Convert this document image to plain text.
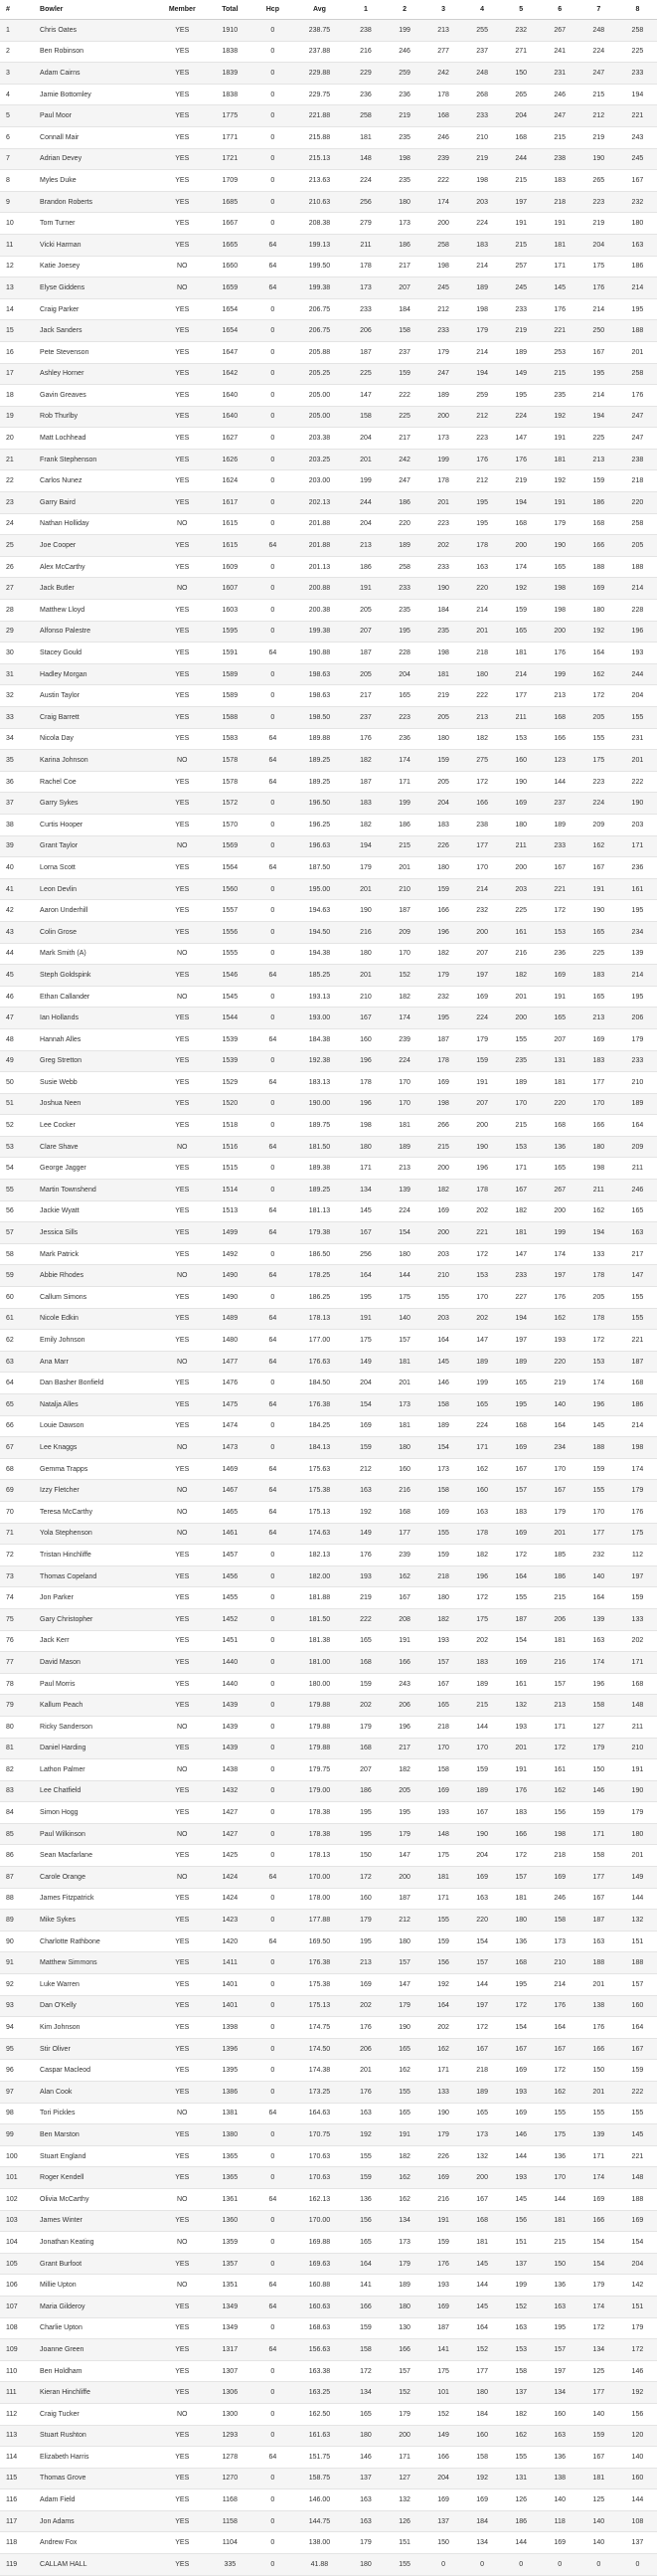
#	Bowler	Member	Total	Hcp	Avg	1	2	3	4	5	6	7	8
1	Chris Oates	YES	1910	0	238.75	238	199	213	255	232	267	248	258
2	Ben Robinson	YES	1838	0	237.88	216	246	277	237	271	241	224	225
3	Adam Cairns	YES	1839	0	229.88	229	259	242	248	150	231	247	233
4	Jamie Bottomley	YES	1838	0	229.75	236	236	178	268	265	246	215	194
5	Paul Moor	YES	1775	0	221.88	258	219	168	233	204	247	212	221
6	Connall Mair	YES	1771	0	215.88	181	235	246	210	168	215	219	243
7	Adrian Devey	YES	1721	0	215.13	148	198	239	219	244	238	190	245
8	Myles Duke	YES	1709	0	213.63	224	235	222	198	215	183	265	167
9	Brandon Roberts	YES	1685	0	210.63	256	180	174	203	197	218	223	232
10	Tom Turner	YES	1667	0	208.38	279	173	200	224	191	191	219	180
11	Vicki Harman	YES	1665	64	199.13	211	186	258	183	215	181	204	163
12	Katie Joesey	NO	1660	64	199.50	178	217	198	214	257	171	175	186
13	Elyse Giddens	NO	1659	64	199.38	173	207	245	189	245	145	176	214
14	Craig Parker	YES	1654	0	206.75	233	184	212	198	233	176	214	195
15	Jack Sanders	YES	1654	0	206.75	206	158	233	179	219	221	250	188
16	Pete Stevenson	YES	1647	0	205.88	187	237	179	214	189	253	167	201
17	Ashley Horner	YES	1642	0	205.25	225	159	247	194	149	215	195	258
18	Gavin Greaves	YES	1640	0	205.00	147	222	189	259	195	235	214	176
19	Rob Thurlby	YES	1640	0	205.00	158	225	200	212	224	192	194	247
20	Matt Lochhead	YES	1627	0	203.38	204	217	173	223	147	191	225	247
21	Frank Stephenson	YES	1626	0	203.25	201	242	199	176	176	181	213	238
22	Carlos Nunez	YES	1624	0	203.00	199	247	178	212	219	192	159	218
23	Garry Baird	YES	1617	0	202.13	244	186	201	195	194	191	186	220
24	Nathan Holliday	NO	1615	0	201.88	204	220	223	195	168	179	168	258
25	Joe Cooper	YES	1615	64	201.88	213	189	202	178	200	190	166	205
26	Alex McCarthy	YES	1609	0	201.13	186	258	233	163	174	165	188	188
27	Jack Butler	NO	1607	0	200.88	191	233	190	220	192	198	169	214
28	Matthew Lloyd	YES	1603	0	200.38	205	235	184	214	159	198	180	228
29	Alfonso Palestre	YES	1595	0	199.38	207	195	235	201	165	200	192	196
30	Stacey Gould	YES	1591	64	190.88	187	228	198	218	181	176	164	193
31	Hadley Morgan	YES	1589	0	198.63	205	204	181	180	214	199	162	244
32	Austin Taylor	YES	1589	0	198.63	217	165	219	222	177	213	172	204
33	Craig Barrett	YES	1588	0	198.50	237	223	205	213	211	168	205	155
34	Nicola Day	YES	1583	64	189.88	176	236	180	182	153	166	155	231
35	Karina Johnson	NO	1578	64	189.25	182	174	159	275	160	123	175	201
36	Rachel Coe	YES	1578	64	189.25	187	171	205	172	190	144	223	222
37	Garry Sykes	YES	1572	0	196.50	183	199	204	166	169	237	224	190
38	Curtis Hooper	YES	1570	0	196.25	182	186	183	238	180	189	209	203
39	Grant Taylor	NO	1569	0	196.63	194	215	226	177	211	233	162	171
40	Lorna Scott	YES	1564	64	187.50	179	201	180	170	200	167	167	236
41	Leon Devlin	YES	1560	0	195.00	201	210	159	214	203	221	191	161
42	Aaron Underhill	YES	1557	0	194.63	190	187	166	232	225	172	190	195
43	Colin Grose	YES	1556	0	194.50	216	209	196	200	161	153	165	234
44	Mark Smith (A)	NO	1555	0	194.38	180	170	182	207	216	236	225	139
45	Steph Goldspink	YES	1546	64	185.25	201	152	179	197	182	169	183	214
46	Ethan Callander	NO	1545	0	193.13	210	182	232	169	201	191	165	195
47	Ian Hollands	YES	1544	0	193.00	167	174	195	224	200	165	213	206
48	Hannah Alles	YES	1539	64	184.38	160	239	187	179	155	207	169	179
49	Greg Stretton	YES	1539	0	192.38	196	224	178	159	235	131	183	233
50	Susie Webb	YES	1529	64	183.13	178	170	169	191	189	181	177	210
51	Joshua Neen	YES	1520	0	190.00	196	170	198	207	170	220	170	189
52	Lee Cocker	YES	1518	0	189.75	198	181	266	200	215	168	166	164
53	Clare Shave	NO	1516	64	181.50	180	189	215	190	153	136	180	209
54	George Jagger	YES	1515	0	189.38	171	213	200	196	171	165	198	211
55	Martin Townshend	YES	1514	0	189.25	134	139	182	178	167	267	211	246
56	Jackie Wyatt	YES	1513	64	181.13	145	224	169	202	182	200	162	165
57	Jessica Sills	YES	1499	64	179.38	167	154	200	221	181	199	194	163
58	Mark Patrick	YES	1492	0	186.50	256	180	203	172	147	174	133	217
59	Abbie Rhodes	NO	1490	64	178.25	164	144	210	153	233	197	178	147
60	Callum Simons	YES	1490	0	186.25	195	175	155	170	227	176	205	155
61	Nicole Edkin	YES	1489	64	178.13	191	140	203	202	194	162	178	155
62	Emily Johnson	YES	1480	64	177.00	175	157	164	147	197	193	172	221
63	Ana Marr	NO	1477	64	176.63	149	181	145	189	189	220	153	187
64	Dan Basher Bonfield	YES	1476	0	184.50	204	201	146	199	165	219	174	168
65	Natalja Alles	YES	1475	64	176.38	154	173	158	165	195	140	196	186
66	Louie Dawson	YES	1474	0	184.25	169	181	189	224	168	164	145	214
67	Lee Knaggs	NO	1473	0	184.13	159	180	154	171	169	234	188	198
68	Gemma Trapps	YES	1469	64	175.63	212	160	173	162	167	170	159	174
69	Izzy Fletcher	NO	1467	64	175.38	163	216	158	160	157	167	155	179
70	Teresa McCarthy	NO	1465	64	175.13	192	168	169	163	183	179	170	176
71	Yola Stephenson	NO	1461	64	174.63	149	177	155	178	169	201	177	175
72	Tristan Hinchliffe	YES	1457	0	182.13	176	239	159	182	172	185	232	112
73	Thomas Copeland	YES	1456	0	182.00	193	162	218	196	164	186	140	197
74	Jon Parker	YES	1455	0	181.88	219	167	180	172	155	215	164	159
75	Gary Christopher	YES	1452	0	181.50	222	208	182	175	187	206	139	133
76	Jack Kerr	YES	1451	0	181.38	165	191	193	202	154	181	163	202
77	David Mason	YES	1440	0	181.00	168	166	157	183	169	216	174	171
78	Paul Morris	YES	1440	0	180.00	159	243	167	189	161	157	196	168
79	Kallum Peach	YES	1439	0	179.88	202	206	165	215	132	213	158	148
80	Ricky Sanderson	NO	1439	0	179.88	179	196	218	144	193	171	127	211
81	Daniel Harding	YES	1439	0	179.88	168	217	170	170	201	172	179	210
82	Lathon Palmer	NO	1438	0	179.75	207	182	158	159	191	161	150	191
83	Lee Chatfield	YES	1432	0	179.00	186	205	169	189	176	162	146	190
84	Simon Hogg	YES	1427	0	178.38	195	195	193	167	183	156	159	179
85	Paul Wilkinson	NO	1427	0	178.38	195	179	148	190	166	198	171	180
86	Sean Macfarlane	YES	1425	0	178.13	150	147	175	204	172	218	158	201
87	Carole Orange	NO	1424	64	170.00	172	200	181	169	157	169	177	149
88	James Fitzpatrick	YES	1424	0	178.00	160	187	171	163	181	246	167	144
89	Mike Sykes	YES	1423	0	177.88	179	212	155	220	180	158	187	132
90	Charlotte Rathbone	YES	1420	64	169.50	195	180	159	154	136	173	163	151
91	Matthew Simmons	YES	1411	0	176.38	213	157	156	157	168	210	188	188
92	Luke Warren	YES	1401	0	175.38	169	147	192	144	195	214	201	157
93	Dan O'Kelly	YES	1401	0	175.13	202	179	164	197	172	176	138	160
94	Kim Johnson	YES	1398	0	174.75	176	190	202	172	154	164	176	164
95	Stir Oliver	YES	1396	0	174.50	206	165	162	167	167	167	166	167
96	Caspar Macleod	YES	1395	0	174.38	201	162	171	218	169	172	150	159
97	Alan Cook	YES	1386	0	173.25	176	155	133	189	193	162	201	222
98	Tori Pickles	NO	1381	64	164.63	163	165	190	165	169	155	155	155
99	Ben Marston	YES	1380	0	170.75	192	191	179	173	146	175	139	145
100	Stuart England	YES	1365	0	170.63	155	182	226	132	144	136	171	221
101	Roger Kendell	YES	1365	0	170.63	159	162	169	200	193	170	174	148
102	Olivia McCarthy	NO	1361	64	162.13	136	162	216	167	145	144	169	188
103	James Winter	YES	1360	0	170.00	156	134	191	168	156	181	166	169
104	Jonathan Keating	NO	1359	0	169.88	165	173	159	181	151	215	154	154
105	Grant Burfoot	YES	1357	0	169.63	164	179	176	145	137	150	154	204
106	Millie Upton	NO	1351	64	160.88	141	189	193	144	199	136	179	142
107	Maria Gilderoy	YES	1349	64	160.63	166	180	169	145	152	163	174	151
108	Charlie Upton	YES	1349	0	168.63	159	130	187	164	163	195	172	179
109	Joanne Green	YES	1317	64	156.63	158	166	141	152	153	157	134	172
110	Ben Holdham	YES	1307	0	163.38	172	157	175	177	158	197	125	146
111	Kieran Hinchliffe	YES	1306	0	163.25	134	152	101	180	137	134	177	192
112	Craig Tucker	NO	1300	0	162.50	165	179	152	184	182	160	140	156
113	Stuart Rushton	YES	1293	0	161.63	180	200	149	160	162	163	159	120
114	Elizabeth Harris	YES	1278	64	151.75	146	171	166	158	155	136	167	140
115	Thomas Grove	YES	1270	0	158.75	137	127	204	192	131	138	181	160
116	Adam Field	YES	1168	0	146.00	163	132	169	169	126	140	125	144
117	Jon Adams	YES	1158	0	144.75	163	126	137	184	186	118	140	108
118	Andrew Fox	YES	1104	0	138.00	179	151	150	134	144	169	140	137
119	CALLAM HALL	YES	335	0	41.88	180	155	0	0	0	0	0	0
